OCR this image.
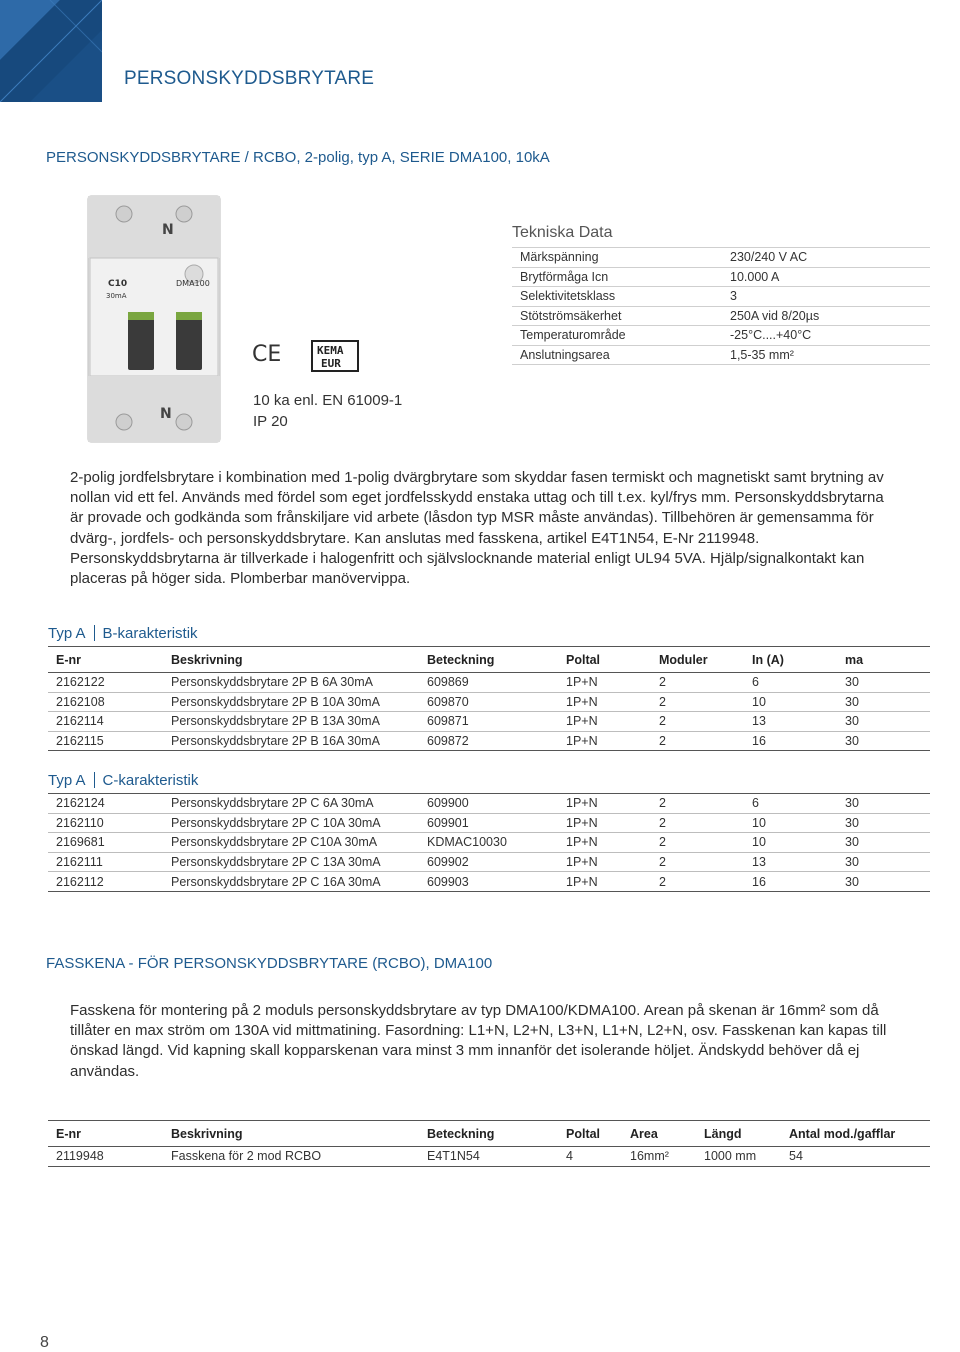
PERSONSKYDDSBRYTARE
PERSONSKYDDSBRYTARE / RCBO, 2-polig, typ A, SERIE DMA100, 10kA
N
C10	DMA100
30mA
N
CE	KEMA
EUR
10 ka enl. EN 61009-1
IP 20
Tekniska Data
Märkspänning	230/240 V AC
Brytförmåga Icn	10.000 A
Selektivitetsklass	3
Stötströmsäkerhet	250A vid 8/20µs
Temperaturområde	-25°C....+40°C
Anslutningsarea	1,5-35 mm²
2-polig jordfelsbrytare i kombination med 1-polig dvärgbrytare som skyddar fasen termiskt och magnetiskt samt brytning av nollan vid ett fel. Används med fördel som eget jordfelsskydd enstaka uttag och till t.ex. kyl/frys mm. Personskyddsbrytarna är provade och godkända som frånskiljare vid arbete (låsdon typ MSR måste användas). Tillbehören är gemensamma för dvärg-, jordfels- och personskyddsbrytare. Kan anslutas med fasskena, artikel E4T1N54, E-Nr 2119948. Personskyddsbrytarna är tillverkade i halogenfritt och självslocknande material enligt UL94 5VA. Hjälp/signalkontakt kan placeras på höger sida. Plomberbar manövervippa.
Typ A B-karakteristik
E-nr	Beskrivning	Beteckning	Poltal	Moduler	In (A)	ma
2162122	Personskyddsbrytare 2P B 6A 30mA	609869	1P+N	2	6	30
2162108	Personskyddsbrytare 2P B 10A 30mA	609870	1P+N	2	10	30
2162114	Personskyddsbrytare 2P B 13A 30mA	609871	1P+N	2	13	30
2162115	Personskyddsbrytare 2P B 16A 30mA	609872	1P+N	2	16	30
Typ A C-karakteristik
2162124	Personskyddsbrytare 2P C 6A 30mA	609900	1P+N	2	6	30
2162110	Personskyddsbrytare 2P C 10A 30mA	609901	1P+N	2	10	30
2169681	Personskyddsbrytare 2P C10A 30mA	KDMAC10030	1P+N	2	10	30
2162111	Personskyddsbrytare 2P C 13A 30mA	609902	1P+N	2	13	30
2162112	Personskyddsbrytare 2P C 16A 30mA	609903	1P+N	2	16	30
FASSKENA - FÖR PERSONSKYDDSBRYTARE (RCBO), DMA100
Fasskena för montering på 2 moduls personskyddsbrytare av typ DMA100/KDMA100. Arean på skenan är 16mm² som då tillåter en max ström om 130A vid mittmatining. Fasordning: L1+N, L2+N, L3+N, L1+N, L2+N, osv. Fasskenan kan kapas till önskad längd. Vid kapning skall kopparskenan vara minst 3 mm innanför det isolerande höljet. Ändskydd behöver då ej användas.
E-nr	Beskrivning	Beteckning	Poltal	Area	Längd	Antal mod./gafflar
2119948	Fasskena för 2 mod RCBO	E4T1N54	4	16mm²	1000 mm	54
8
